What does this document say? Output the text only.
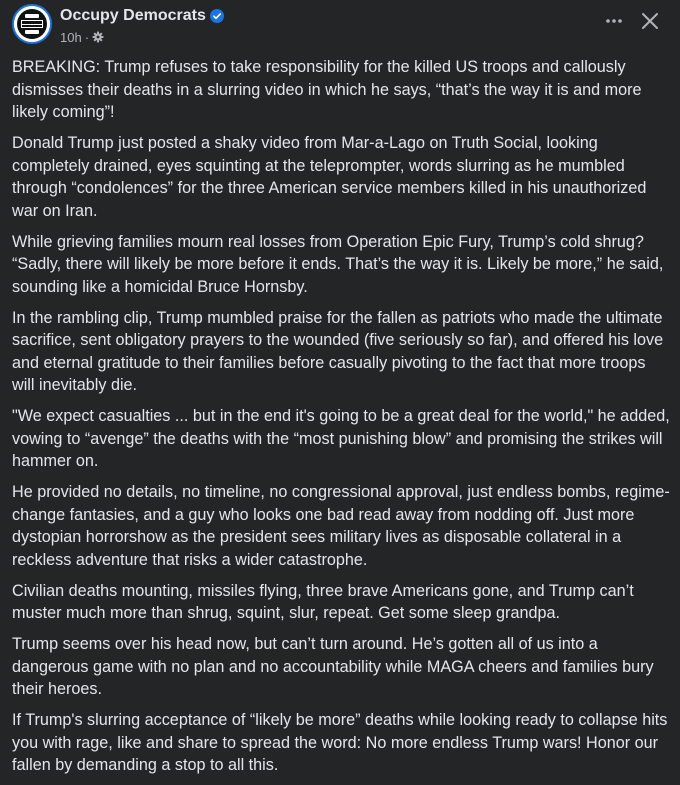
Occupy Democrats
10h ·

BREAKING: Trump refuses to take responsibility for the killed US troops and callously dismisses their deaths in a slurring video in which he says, “that’s the way it is and more likely coming”!

Donald Trump just posted a shaky video from Mar-a-Lago on Truth Social, looking completely drained, eyes squinting at the teleprompter, words slurring as he mumbled through “condolences” for the three American service members killed in his unauthorized war on Iran.

While grieving families mourn real losses from Operation Epic Fury, Trump’s cold shrug? “Sadly, there will likely be more before it ends. That’s the way it is. Likely be more,” he said, sounding like a homicidal Bruce Hornsby.

In the rambling clip, Trump mumbled praise for the fallen as patriots who made the ultimate sacrifice, sent obligatory prayers to the wounded (five seriously so far), and offered his love and eternal gratitude to their families before casually pivoting to the fact that more troops will inevitably die.

"We expect casualties ... but in the end it's going to be a great deal for the world," he added, vowing to “avenge” the deaths with the “most punishing blow” and promising the strikes will hammer on.

He provided no details, no timeline, no congressional approval, just endless bombs, regime-change fantasies, and a guy who looks one bad read away from nodding off. Just more dystopian horrorshow as the president sees military lives as disposable collateral in a reckless adventure that risks a wider catastrophe.

Civilian deaths mounting, missiles flying, three brave Americans gone, and Trump can’t muster much more than shrug, squint, slur, repeat. Get some sleep grandpa.

Trump seems over his head now, but can’t turn around. He’s gotten all of us into a dangerous game with no plan and no accountability while MAGA cheers and families bury their heroes.

If Trump's slurring acceptance of “likely be more” deaths while looking ready to collapse hits you with rage, like and share to spread the word: No more endless Trump wars! Honor our fallen by demanding a stop to all this.
